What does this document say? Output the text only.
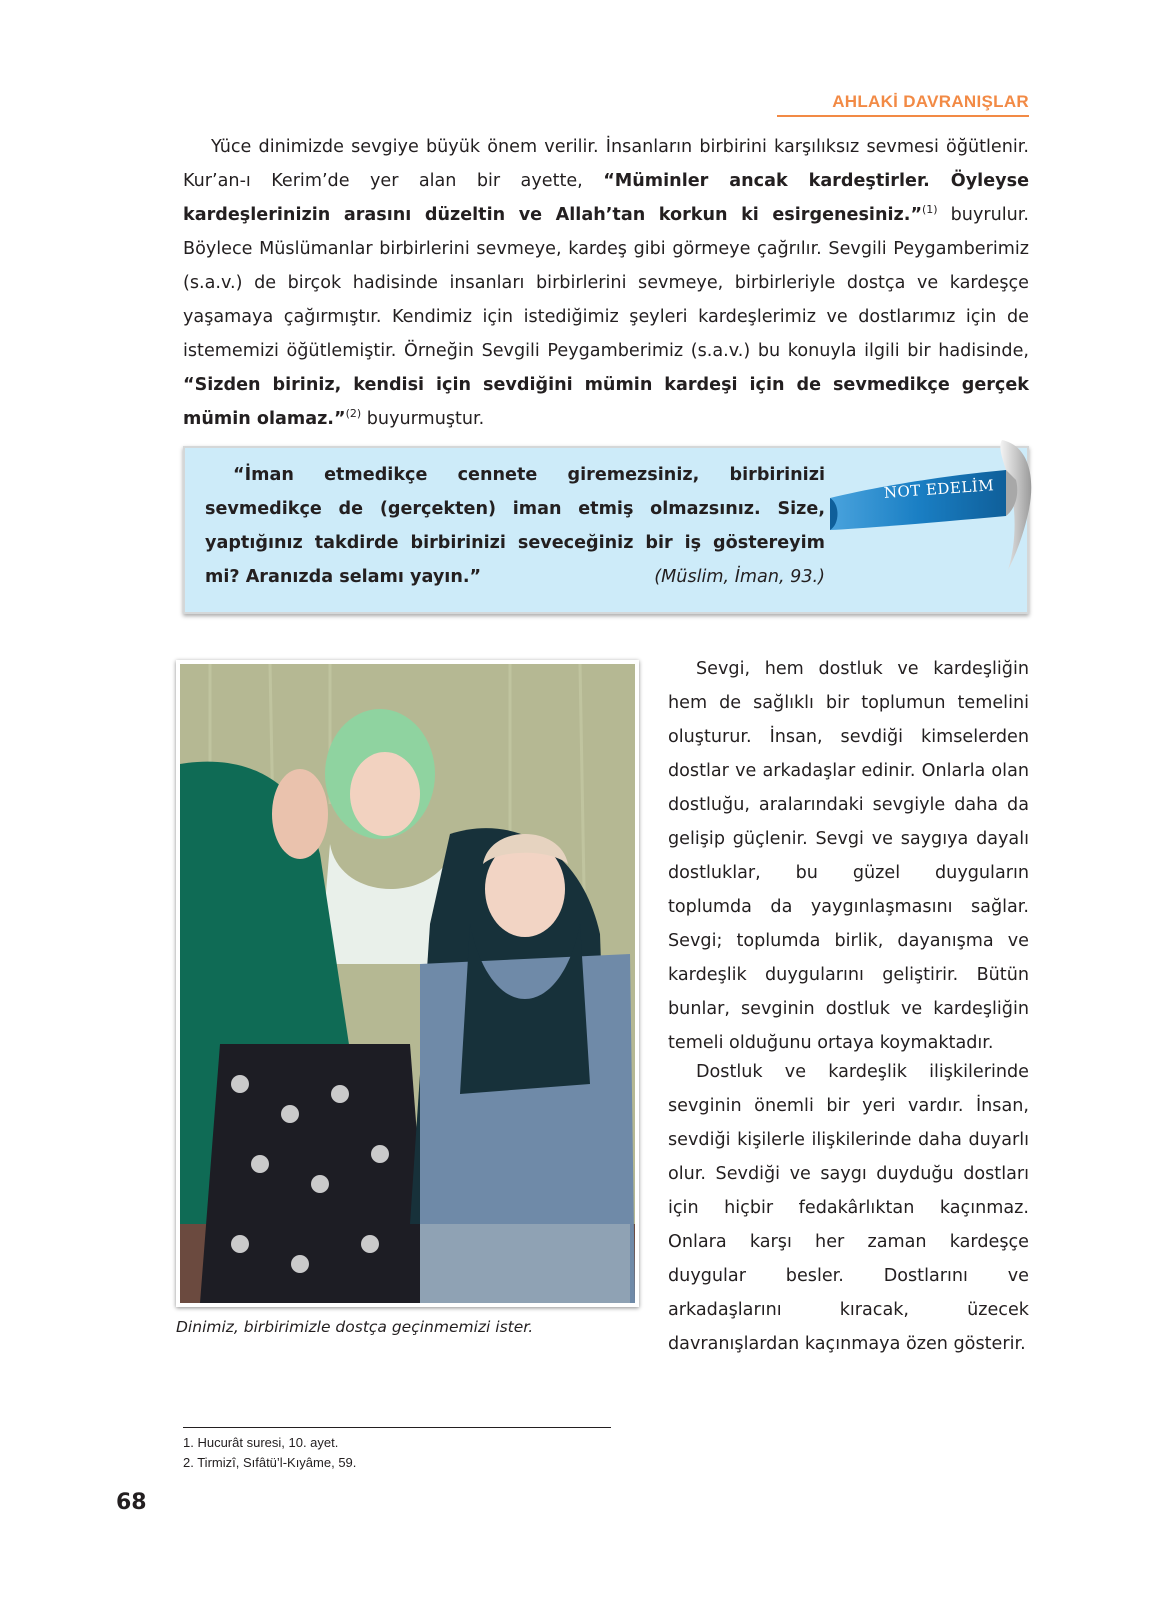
AHLAKİ DAVRANIŞLAR

Yüce dinimizde sevgiye büyük önem verilir. İnsanların birbirini karşılıksız sevmesi öğütlenir. Kur’an-ı Kerim’de yer alan bir ayette, “Müminler ancak kardeştirler. Öyleyse kardeşlerinizin arasını düzeltin ve Allah’tan korkun ki esirgenesiniz.”$^{(1)}$ buyrulur. Böylece Müslümanlar birbirlerini sevmeye, kardeş gibi görmeye çağrılır. Sevgili Peygamberimiz (s.a.v.) de birçok hadisinde insanları birbirlerini sevmeye, birbirleriyle dostça ve kardeşçe yaşamaya çağırmıştır. Kendimiz için istediğimiz şeyleri kardeşlerimiz ve dostlarımız için de istememizi öğütlemiştir. Örneğin Sevgili Peygamberimiz (s.a.v.) bu konuyla ilgili bir hadisinde, “Sizden biriniz, kendisi için sevdiğini mümin kardeşi için de sevmedikçe gerçek mümin olamaz.”$^{(2)}$ buyurmuştur.

“İman etmedikçe cennete giremezsiniz, birbirinizi sevmedikçe de (gerçekten) iman etmiş olmazsınız. Size, yaptığınız takdirde birbirinizi seveceğiniz bir iş göstereyim mi? Aranızda selamı yayın.”	(Müslim, İman, 93.)
NOT EDELİM
Dinimiz, birbirimizle dostça geçinmemizi ister.

Sevgi, hem dostluk ve kardeşliğin hem de sağlıklı bir toplumun temelini oluşturur. İnsan, sevdiği kimselerden dostlar ve arkadaşlar edinir. Onlarla olan dostluğu, aralarındaki sevgiyle daha da gelişip güçlenir. Sevgi ve saygıya dayalı dostluklar, bu güzel duyguların toplumda da yaygınlaşmasını sağlar. Sevgi; toplumda birlik, dayanışma ve kardeşlik duygularını geliştirir. Bütün bunlar, sevginin dostluk ve kardeşliğin temeli olduğunu ortaya koymaktadır.

Dostluk ve kardeşlik ilişkilerinde sevginin önemli bir yeri vardır. İnsan, sevdiği kişilerle ilişkilerinde daha duyarlı olur. Sevdiği ve saygı duyduğu dostları için hiçbir fedakârlıktan kaçınmaz. Onlara karşı her zaman kardeşçe duygular besler. Dostlarını ve arkadaşlarını kıracak, üzecek davranışlardan kaçınmaya özen gösterir.

1. Hucurât suresi, 10. ayet.
2. Tirmizî, Sıfâtü’l-Kıyâme, 59.
68
